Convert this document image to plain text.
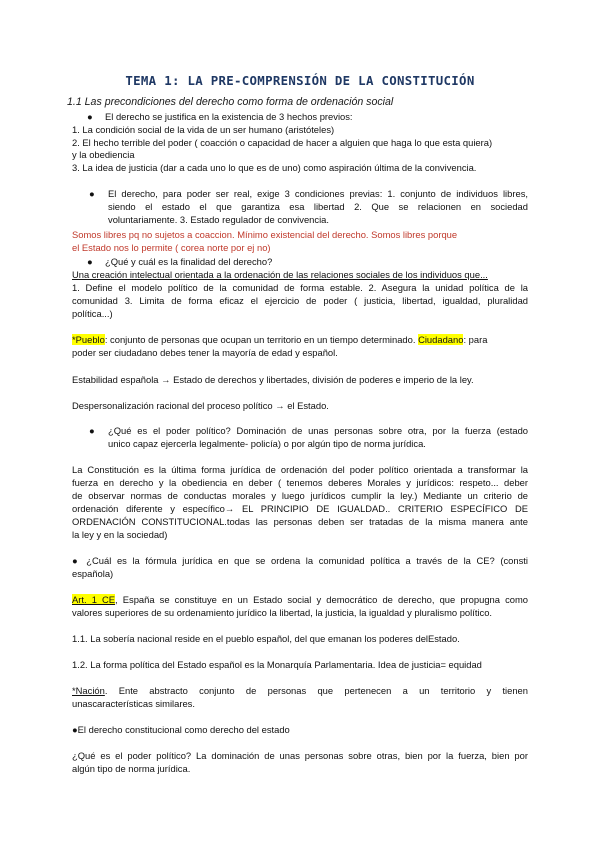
TEMA 1: LA PRE-COMPRENSIÓN DE LA CONSTITUCIÓN
1.1 Las precondiciones del derecho como forma de ordenación social
● El derecho se justifica en la existencia de 3 hechos previos:
1. La condición social de la vida de un ser humano (aristóteles)
2. El hecho terrible del poder ( coacción o capacidad de hacer a alguien que haga lo que esta quiera)
y la obediencia
3. La idea de justicia (dar a cada uno lo que es de uno) como aspiración última de la convivencia.
●	El derecho, para poder ser real, exige 3 condiciones previas: 1. conjunto de individuos libres,
siendo el estado el que garantiza esa libertad 2. Que se relacionen en sociedad
voluntariamente. 3. Estado regulador de convivencia.
Somos libres pq no sujetos a coaccion. Mínimo existencial del derecho. Somos libres porque
el Estado nos lo permite ( corea norte por ej no)
● ¿Qué y cuál es la finalidad del derecho?
Una creación intelectual orientada a la ordenación de las relaciones sociales de los individuos que...
1. Define el modelo político de la comunidad de forma estable. 2. Asegura la unidad política de la
comunidad 3. Limita de forma eficaz el ejercicio de poder ( justicia, libertad, igualdad, pluralidad
política...)
*Pueblo: conjunto de personas que ocupan un territorio en un tiempo determinado. Ciudadano: para
poder ser ciudadano debes tener la mayoría de edad y español.
Estabilidad española → Estado de derechos y libertades, división de poderes e imperio de la ley.
Despersonalización racional del proceso político → el Estado.
●	¿Qué es el poder político? Dominación de unas personas sobre otra, por la fuerza (estado
unico capaz ejercerla legalmente- policía) o por algún tipo de norma jurídica.
La Constitución es la última forma jurídica de ordenación del poder político orientada a transformar la
fuerza en derecho y la obediencia en deber ( tenemos deberes Morales y jurídicos: respeto... deber
de observar normas de conductas morales y luego jurídicos cumplir la ley.) Mediante un criterio de
ordenación diferente y específico→ EL PRINCIPIO DE IGUALDAD.. CRITERIO ESPECÍFICO DE
ORDENACIÓN CONSTITUCIONAL.todas las personas deben ser tratadas de la misma manera ante
la ley y en la sociedad)
● ¿Cuál es la fórmula jurídica en que se ordena la comunidad política a través de la CE? (consti
española)
Art. 1 CE, España se constituye en un Estado social y democrático de derecho, que propugna como
valores superiores de su ordenamiento jurídico la libertad, la justicia, la igualdad y pluralismo político.
1.1. La sobería nacional reside en el pueblo español, del que emanan los poderes delEstado.
1.2. La forma política del Estado español es la Monarquía Parlamentaria. Idea de justicia= equidad
*Nación. Ente abstracto conjunto de personas que pertenecen a un territorio y tienen
unascaracterísticas similares.
●El derecho constitucional como derecho del estado
¿Qué es el poder político? La dominación de unas personas sobre otras, bien por la fuerza, bien por
algún tipo de norma jurídica.
